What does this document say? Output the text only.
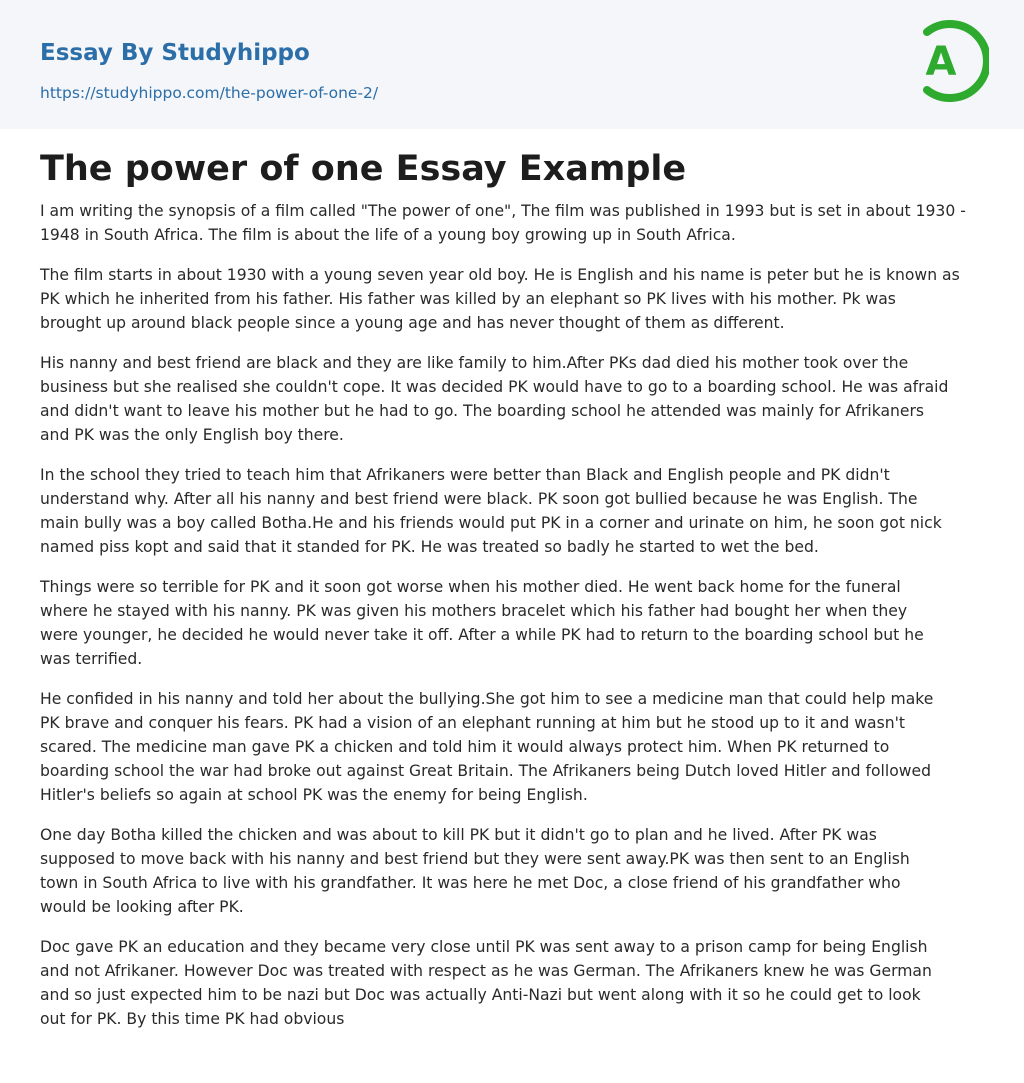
Essay By Studyhippo
https://studyhippo.com/the-power-of-one-2/
A
The power of one Essay Example

I am writing the synopsis of a film called "The power of one", The film was published in 1993 but is set in about 1930 -
1948 in South Africa. The film is about the life of a young boy growing up in South Africa.

The film starts in about 1930 with a young seven year old boy. He is English and his name is peter but he is known as
PK which he inherited from his father. His father was killed by an elephant so PK lives with his mother. Pk was
brought up around black people since a young age and has never thought of them as different.

His nanny and best friend are black and they are like family to him.After PKs dad died his mother took over the
business but she realised she couldn't cope. It was decided PK would have to go to a boarding school. He was afraid
and didn't want to leave his mother but he had to go. The boarding school he attended was mainly for Afrikaners
and PK was the only English boy there.

In the school they tried to teach him that Afrikaners were better than Black and English people and PK didn't
understand why. After all his nanny and best friend were black. PK soon got bullied because he was English. The
main bully was a boy called Botha.He and his friends would put PK in a corner and urinate on him, he soon got nick
named piss kopt and said that it standed for PK. He was treated so badly he started to wet the bed.

Things were so terrible for PK and it soon got worse when his mother died. He went back home for the funeral
where he stayed with his nanny. PK was given his mothers bracelet which his father had bought her when they
were younger, he decided he would never take it off. After a while PK had to return to the boarding school but he
was terrified.

He confided in his nanny and told her about the bullying.She got him to see a medicine man that could help make
PK brave and conquer his fears. PK had a vision of an elephant running at him but he stood up to it and wasn't
scared. The medicine man gave PK a chicken and told him it would always protect him. When PK returned to
boarding school the war had broke out against Great Britain. The Afrikaners being Dutch loved Hitler and followed
Hitler's beliefs so again at school PK was the enemy for being English.

One day Botha killed the chicken and was about to kill PK but it didn't go to plan and he lived. After PK was
supposed to move back with his nanny and best friend but they were sent away.PK was then sent to an English
town in South Africa to live with his grandfather. It was here he met Doc, a close friend of his grandfather who
would be looking after PK.

Doc gave PK an education and they became very close until PK was sent away to a prison camp for being English
and not Afrikaner. However Doc was treated with respect as he was German. The Afrikaners knew he was German
and so just expected him to be nazi but Doc was actually Anti-Nazi but went along with it so he could get to look
out for PK. By this time PK had obvious
